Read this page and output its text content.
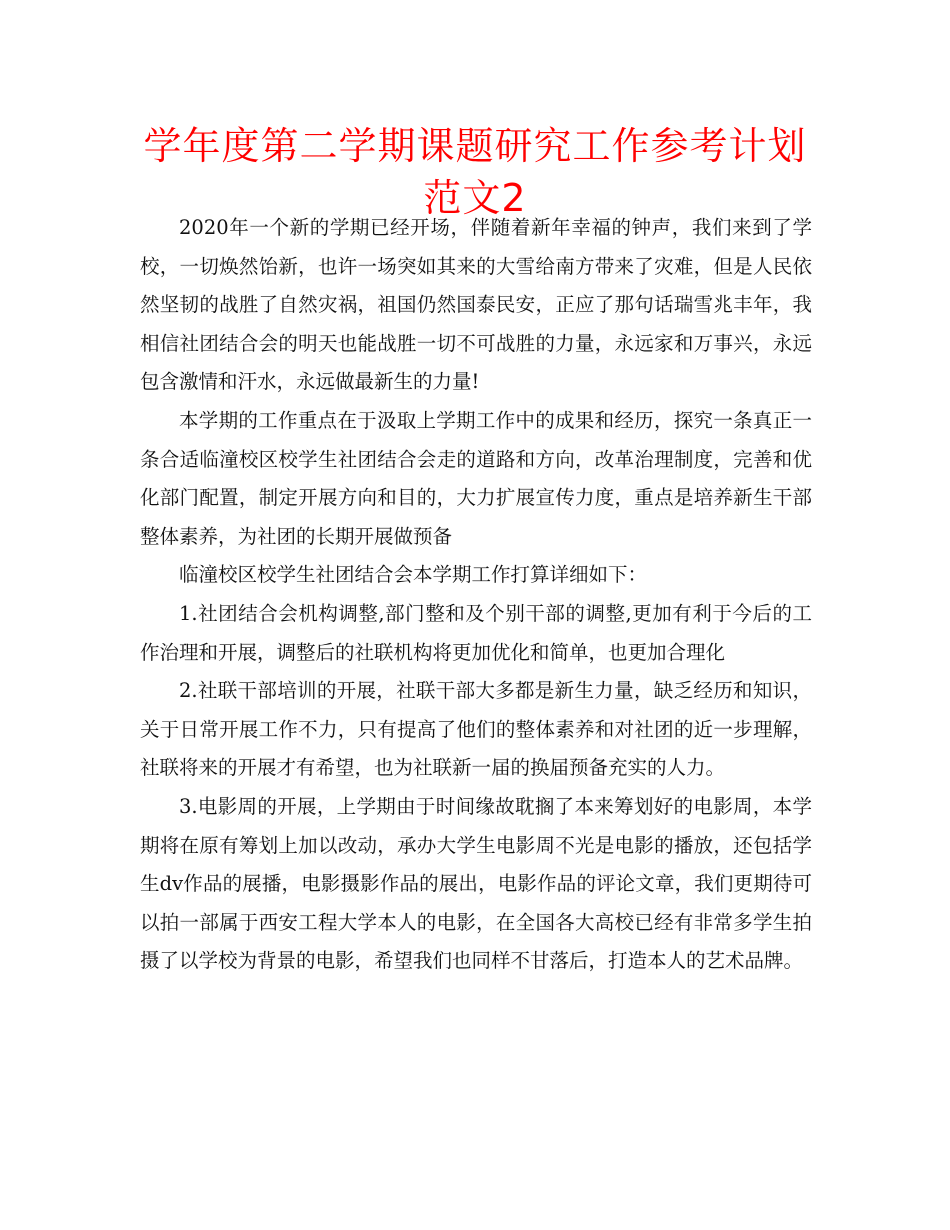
学年度第二学期课题研究工作参考计划范文2

2020年一个新的学期已经开场，伴随着新年幸福的钟声，我们来到了学校，一切焕然饴新，也许一场突如其来的大雪给南方带来了灾难，但是人民依然坚韧的战胜了自然灾祸，祖国仍然国泰民安，正应了那句话瑞雪兆丰年，我相信社团结合会的明天也能战胜一切不可战胜的力量，永远家和万事兴，永远包含激情和汗水，永远做最新生的力量!

本学期的工作重点在于汲取上学期工作中的成果和经历，探究一条真正一条合适临潼校区校学生社团结合会走的道路和方向，改革治理制度，完善和优化部门配置，制定开展方向和目的，大力扩展宣传力度，重点是培养新生干部整体素养，为社团的长期开展做预备

临潼校区校学生社团结合会本学期工作打算详细如下：

1.社团结合会机构调整,部门整和及个别干部的调整,更加有利于今后的工作治理和开展，调整后的社联机构将更加优化和简单，也更加合理化

2.社联干部培训的开展，社联干部大多都是新生力量，缺乏经历和知识，关于日常开展工作不力，只有提高了他们的整体素养和对社团的近一步理解，社联将来的开展才有希望，也为社联新一届的换届预备充实的人力。

3.电影周的开展，上学期由于时间缘故耽搁了本来筹划好的电影周，本学期将在原有筹划上加以改动，承办大学生电影周不光是电影的播放，还包括学生dv作品的展播，电影摄影作品的展出，电影作品的评论文章，我们更期待可以拍一部属于西安工程大学本人的电影，在全国各大高校已经有非常多学生拍摄了以学校为背景的电影，希望我们也同样不甘落后，打造本人的艺术品牌。
